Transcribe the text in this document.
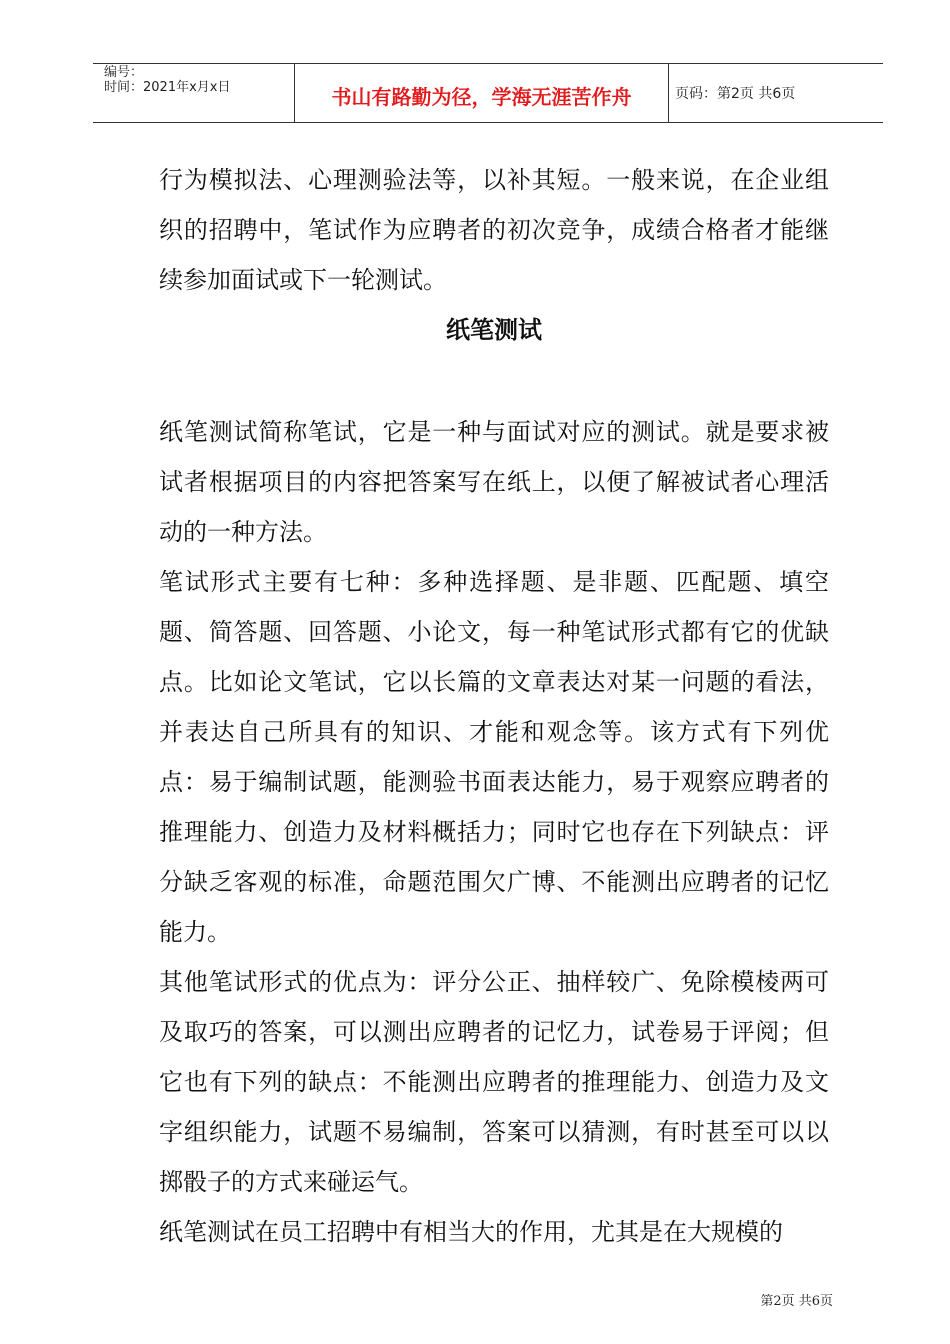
编号：
时间：2021年x月x日	书山有路勤为径，学海无涯苦作舟	页码：第2页 共6页

行为模拟法、心理测验法等，以补其短。一般来说，在企业组织的招聘中，笔试作为应聘者的初次竞争，成绩合格者才能继续参加面试或下一轮测试。

纸笔测试

纸笔测试简称笔试，它是一种与面试对应的测试。就是要求被试者根据项目的内容把答案写在纸上，以便了解被试者心理活动的一种方法。

笔试形式主要有七种：多种选择题、是非题、匹配题、填空题、简答题、回答题、小论文，每一种笔试形式都有它的优缺点。比如论文笔试，它以长篇的文章表达对某一问题的看法，并表达自己所具有的知识、才能和观念等。该方式有下列优点：易于编制试题，能测验书面表达能力，易于观察应聘者的推理能力、创造力及材料概括力；同时它也存在下列缺点：评分缺乏客观的标准，命题范围欠广博、不能测出应聘者的记忆能力。

其他笔试形式的优点为：评分公正、抽样较广、免除模棱两可及取巧的答案，可以测出应聘者的记忆力，试卷易于评阅；但它也有下列的缺点：不能测出应聘者的推理能力、创造力及文字组织能力，试题不易编制，答案可以猜测，有时甚至可以以掷骰子的方式来碰运气。

纸笔测试在员工招聘中有相当大的作用，尤其是在大规模的

第2页 共6页
